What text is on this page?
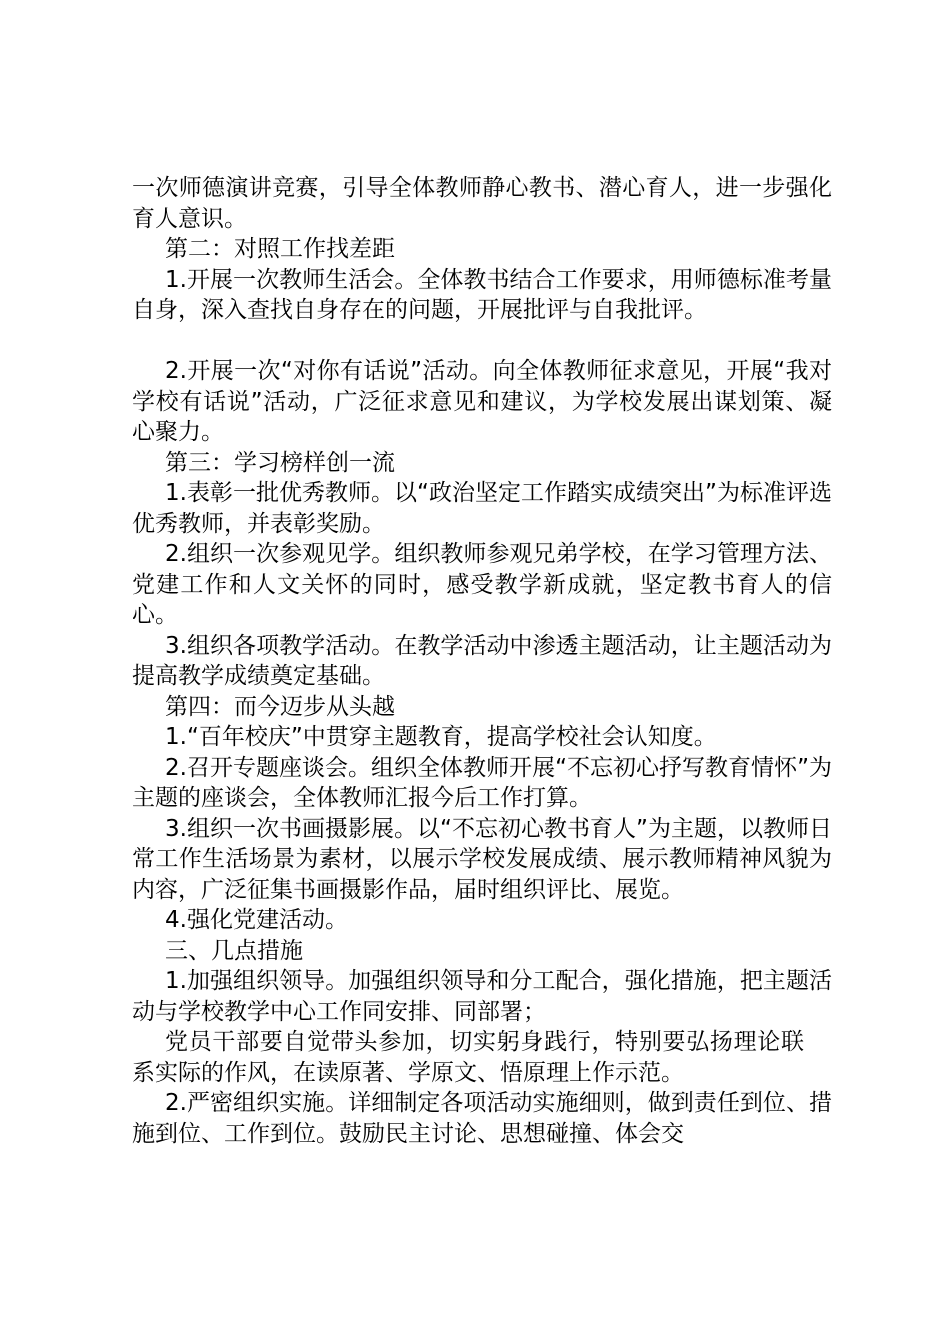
一次师德演讲竞赛，引导全体教师静心教书、潜心育人，进一步强化育人意识。

第二：对照工作找差距

1.开展一次教师生活会。全体教书结合工作要求，用师德标准考量自身，深入查找自身存在的问题，开展批评与自我批评。

2.开展一次“对你有话说”活动。向全体教师征求意见，开展“我对学校有话说”活动，广泛征求意见和建议，为学校发展出谋划策、凝心聚力。

第三：学习榜样创一流

1.表彰一批优秀教师。以“政治坚定工作踏实成绩突出”为标准评选优秀教师，并表彰奖励。

2.组织一次参观见学。组织教师参观兄弟学校，在学习管理方法、党建工作和人文关怀的同时，感受教学新成就，坚定教书育人的信心。

3.组织各项教学活动。在教学活动中渗透主题活动，让主题活动为提高教学成绩奠定基础。

第四：而今迈步从头越

1.“百年校庆”中贯穿主题教育，提高学校社会认知度。

2.召开专题座谈会。组织全体教师开展“不忘初心抒写教育情怀”为主题的座谈会，全体教师汇报今后工作打算。

3.组织一次书画摄影展。以“不忘初心教书育人”为主题，以教师日常工作生活场景为素材，以展示学校发展成绩、展示教师精神风貌为内容，广泛征集书画摄影作品，届时组织评比、展览。

4.强化党建活动。

三、几点措施

1.加强组织领导。加强组织领导和分工配合，强化措施，把主题活动与学校教学中心工作同安排、同部署；

党员干部要自觉带头参加，切实躬身践行，特别要弘扬理论联系实际的作风，在读原著、学原文、悟原理上作示范。

2.严密组织实施。详细制定各项活动实施细则，做到责任到位、措施到位、工作到位。鼓励民主讨论、思想碰撞、体会交
